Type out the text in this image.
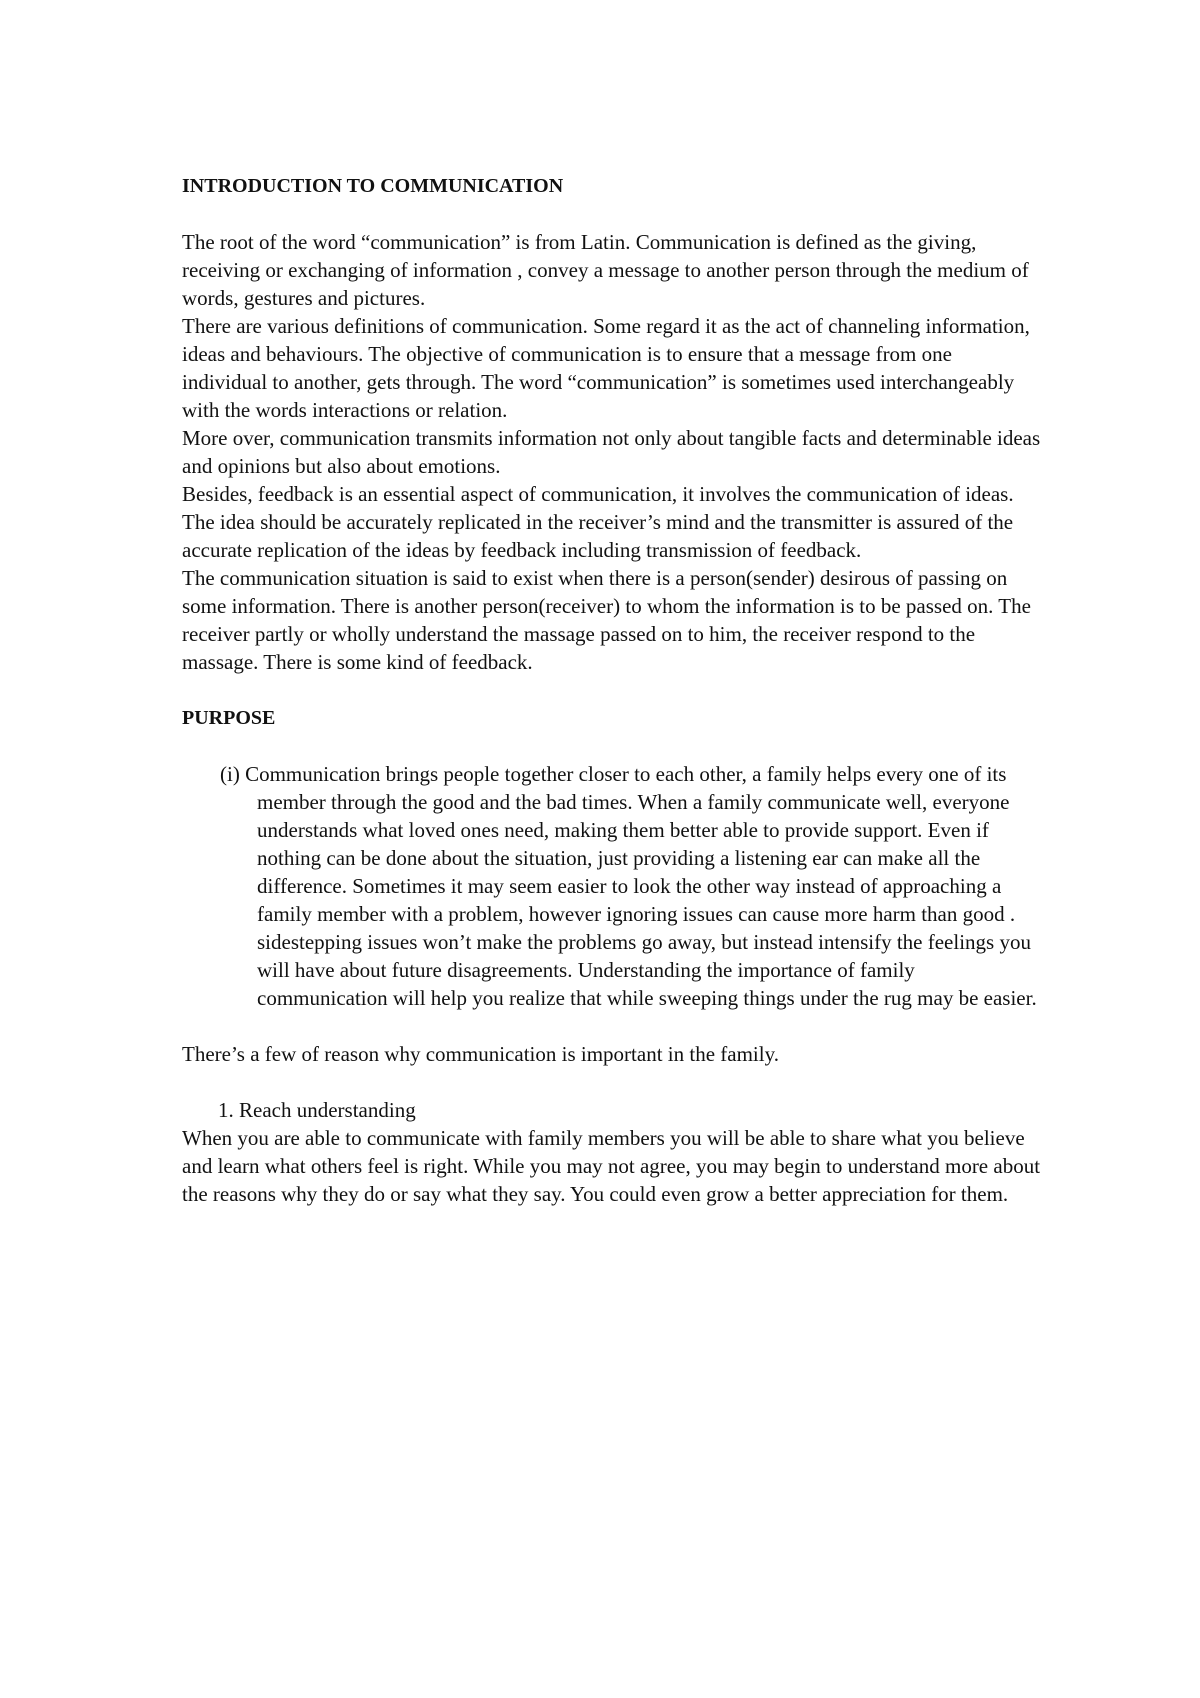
INTRODUCTION TO COMMUNICATION

The root of the word “communication” is from Latin. Communication is defined as the giving, receiving or exchanging of information , convey a message to another person through the medium of words, gestures and pictures.

There are various definitions of communication. Some regard it as the act of channeling information, ideas and behaviours. The objective of communication is to ensure that a message from one individual to another, gets through. The word “communication” is sometimes used interchangeably with the words interactions or relation.

More over, communication transmits information not only about tangible facts and determinable ideas and opinions but also about emotions.

Besides, feedback is an essential aspect of communication, it involves the communication of ideas. The idea should be accurately replicated in the receiver’s mind and the transmitter is assured of the accurate replication of the ideas by feedback including transmission of feedback.

The communication situation is said to exist when there is a person(sender) desirous of passing on some information. There is another person(receiver) to whom the information is to be passed on. The receiver partly or wholly understand the massage passed on to him, the receiver respond to the massage. There is some kind of feedback.

PURPOSE

(i) Communication brings people together closer to each other, a family helps every one of its member through the good and the bad times. When a family communicate well, everyone understands what loved ones need, making them better able to provide support. Even if nothing can be done about the situation, just providing a listening ear can make all the difference. Sometimes it may seem easier to look the other way instead of approaching a family member with a problem, however ignoring issues can cause more harm than good . sidestepping issues won’t make the problems go away, but instead intensify the feelings you will have about future disagreements. Understanding the importance of family communication will help you realize that while sweeping things under the rug may be easier.

There’s a few of reason why communication is important in the family.

1. Reach understanding

When you are able to communicate with family members you will be able to share what you believe and learn what others feel is right. While you may not agree, you may begin to understand more about the reasons why they do or say what they say. You could even grow a better appreciation for them.
